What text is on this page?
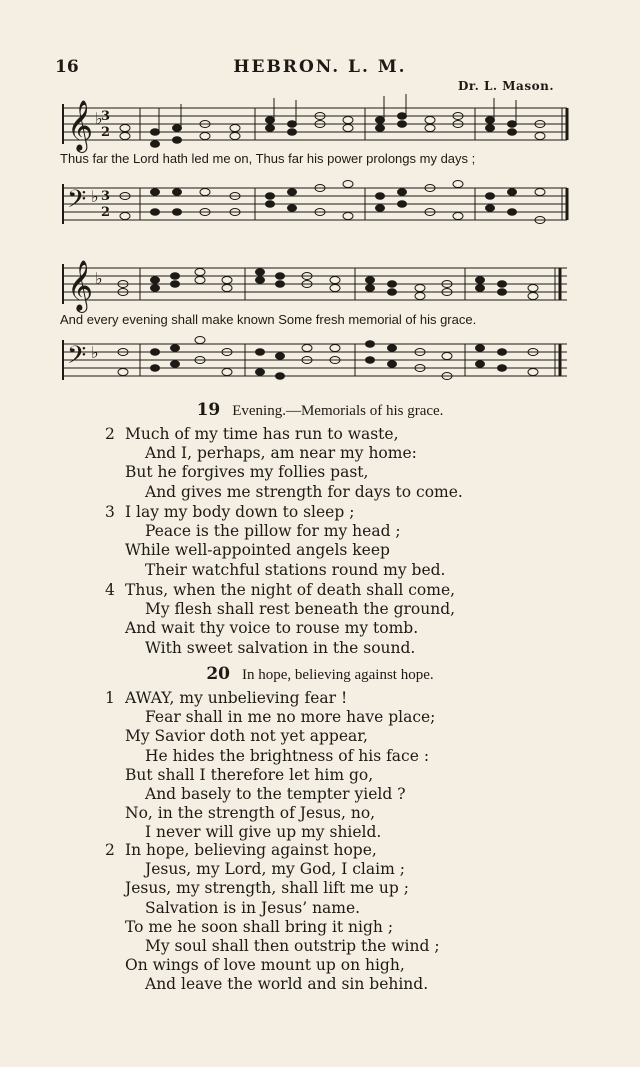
16	HEBRON. L. M.
Dr. L. Mason.
𝄞 ♭
3
2
Thus far the Lord hath led me on, Thus far his power prolongs my days ;
𝄢 ♭ 3
2
𝄞 ♭
And every evening shall make known Some fresh memorial of his grace.
𝄢 ♭
19 Evening.—Memorials of his grace.
2 Much of my time has run to waste,
And I, perhaps, am near my home:
But he forgives my follies past,
And gives me strength for days to come.
3 I lay my body down to sleep ;
Peace is the pillow for my head ;
While well-appointed angels keep
Their watchful stations round my bed.
4 Thus, when the night of death shall come,
My flesh shall rest beneath the ground,
And wait thy voice to rouse my tomb.
With sweet salvation in the sound.
20 In hope, believing against hope.
1 AWAY, my unbelieving fear !
Fear shall in me no more have place;
My Savior doth not yet appear,
He hides the brightness of his face :
But shall I therefore let him go,
And basely to the tempter yield ?
No, in the strength of Jesus, no,
I never will give up my shield.
2 In hope, believing against hope,
Jesus, my Lord, my God, I claim ;
Jesus, my strength, shall lift me up ;
Salvation is in Jesus’ name.
To me he soon shall bring it nigh ;
My soul shall then outstrip the wind ;
On wings of love mount up on high,
And leave the world and sin behind.
